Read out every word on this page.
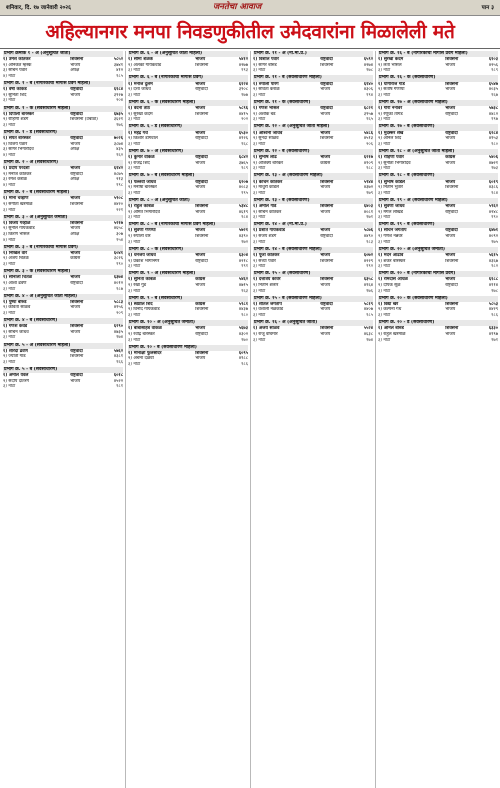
शनिवार, दि. १७ जानेवारी २०२६	जनतेचा आवाज	पान ३
अहिल्यानगर मनपा निवडणुकीतील उमेदवारांना मिळालेली मते
प्रभाग क्रमांक १ - अ (अनुसूचित जाती)
१) उमेश कोतकर	शिवसेना	५८५२
२) अनिकेत म्हस्के	भाजप	३७४१
३) सचिन पवार	अपक्ष	४१२
४) नोटा	१८५
प्रभाग क्र. १ - ब (नागरिकांचा मागास प्रवर्ग महिला)
१) वर्षा काकडे	राष्ट्रवादी	६१८४
२) सुनिता शिंदे	भाजप	३९२७
३) नोटा	२०४
प्रभाग क्र. १ - क (सर्वसाधारण महिला)
१) दिपाली बारस्कर	राष्ट्रवादी	६७३५
२) रोहिणी शेंडगे	शिवसेना (उबाठा)	३६२१
३) नोटा	१७६
प्रभाग क्र. १ - ड (सर्वसाधारण)
१) संपत बारस्कर	राष्ट्रवादी	७०२६
२) विजय पठारे	भाजप	३८७४
३) सागर भिंगारदिवे	अपक्ष	४३५
४) नोटा	१६२
प्रभाग क्र. २ - अ (सर्वसाधारण)
१) प्रदीप परदेशी	भाजप	६१४२
२) मनोज कोतकर	राष्ट्रवादी	४८७५
३) रमेश कराळे	अपक्ष	२१३
४) नोटा	१९८
प्रभाग क्र. २ - ब (सर्वसाधारण महिला)
१) मीना चव्हाण	भाजप	५९०८
२) संगीता खरमाळे	शिवसेना	४४२०
३) नोटा	२२१
प्रभाग क्र. ३ - अ (अनुसूचित जमाती)
१) विजय गव्हाळे	शिवसेना	५२१७
२) सुनील गायकवाड	भाजप	४६५८
३) किरण भोसले	अपक्ष	३०७
४) नोटा	१५४
प्रभाग क्र. ३ - ब (नागरिकांचा मागास प्रवर्ग)
१) निखिल वारे	भाजप	६०४१
२) अजय चितळे	काँग्रेस	३८२६
३) नोटा	१९०
प्रभाग क्र. ३ - क (सर्वसाधारण महिला)
१) सोनाली चितळे	भाजप	६३७४
२) आशा ढवण	राष्ट्रवादी	४०१२
३) नोटा	१८७
प्रभाग क्र. ४ - अ (अनुसूचित जाती महिला)
१) पुष्पा बोरुडे	शिवसेना	५८८३
२) कविता साळवे	भाजप	४१५६
३) नोटा	२०९
प्रभाग क्र. ४ - ब (सर्वसाधारण)
१) गणेश कवडे	शिवसेना	६२९०
२) सचिन जाधव	भाजप	४७३५
३) नोटा	१७४
प्रभाग क्र. ५ - अ (सर्वसाधारण महिला)
१) शारदा ढवण	राष्ट्रवादी	५७६२
२) ज्योती गाडे	शिवसेना	४३८१
३) नोटा	१६६
प्रभाग क्र. ५ - ब (सर्वसाधारण)
१) अमोल येवले	राष्ट्रवादी	६०१८
२) संदीप दातरंगे	भाजप	४५२२
३) नोटा	१८१
प्रभाग क्र. ६ - अ (अनुसूचित जाती महिला)
१) सीमा शेळके	भाजप	५४१२
२) अलका गायकवाड	शिवसेना	४२७७
३) नोटा	१९३
प्रभाग क्र. ६ - ब (नागरिकांचा मागास प्रवर्ग)
१) मनोज दुलम	भाजप	६१२४
२) दत्ता जाधव	राष्ट्रवादी	३९०८
३) नोटा	१७७
प्रभाग क्र. ६ - क (सर्वसाधारण महिला)
१) वंदना ताठे	भाजप	५८९६
२) सुरेखा कदम	शिवसेना	४४१५
३) नोटा	२०२
प्रभाग क्र. ६ - ड (सर्वसाधारण)
१) महेंद्र गंधे	भाजप	६५३०
२) किशोर डागवाले	राष्ट्रवादी	४१२६
३) नोटा	१६८
प्रभाग क्र. ७ - अ (सर्वसाधारण)
१) कुमार वाकळे	राष्ट्रवादी	६८४२
२) राजेंद्र शिंदे	भाजप	३७६५
३) नोटा	१८९
प्रभाग क्र. ७ - ब (सर्वसाधारण महिला)
१) पल्लवी जाधव	राष्ट्रवादी	६२०७
२) मनीषा बारस्कर	भाजप	४०८३
३) नोटा	१९५
प्रभाग क्र. ८ - अ (अनुसूचित जाती)
१) राहुल कांबळे	शिवसेना	५३४८
२) अमित भिंगारदिवे	भाजप	४६१९
३) नोटा	१८४
प्रभाग क्र. ८ - ब (नागरिकांचा मागास प्रवर्ग महिला)
१) सुवर्णा गेणप्पा	भाजप	५७२१
२) रुपाली वारे	शिवसेना	४३९०
३) नोटा	१७२
प्रभाग क्र. ८ - क (सर्वसाधारण)
१) धनंजय जाधव	भाजप	६३०४
२) प्रकाश भागानगरे	राष्ट्रवादी	४२१८
३) नोटा	१९१
प्रभाग क्र. ९ - अ (सर्वसाधारण महिला)
१) सुनिता कांबळे	काँग्रेस	५४६२
२) रेखा गुंड	भाजप	४७१५
३) नोटा	१६३
प्रभाग क्र. ९ - ब (सर्वसाधारण)
१) स्वप्नील शिंदे	काँग्रेस	५९८१
२) विनोद गायकवाड	शिवसेना	४४३७
३) नोटा	१८०
प्रभाग क्र. १० - अ (अनुसूचित जमाती)
१) बाबासाहेब वाकळे	भाजप	५६७३
२) रवींद्र बारस्कर	राष्ट्रवादी	४३०२
३) नोटा	१७०
प्रभाग क्र. १० - ब (सर्वसाधारण महिला)
१) मीनाक्षी फुलसौंदर	शिवसेना	६०९५
२) अर्चना दळवी	भाजप	४१८८
३) नोटा	१८६
प्रभाग क्र. ११ - अ (ना.मा.प्र.)
१) विशाल पवार	राष्ट्रवादी	६५९२
२) सागर बोरुडे	शिवसेना	४२७४
३) नोटा	१७८
प्रभाग क्र. ११ - ब (सर्वसाधारण महिला)
१) रुपाली पारगे	राष्ट्रवादी	६१४०
२) सविता कराळे	भाजप	४३०६
३) नोटा	१९४
प्रभाग क्र. ११ - क (सर्वसाधारण)
१) गणेश भोसले	राष्ट्रवादी	६८२१
२) अशोक बडे	भाजप	३९५७
३) नोटा	१६५
प्रभाग क्र. १२ - अ (अनुसूचित जाती महिला)
१) अश्विनी जाधव	भाजप	५४८६
२) सुनंदा साळवे	शिवसेना	४५१३
३) नोटा	२०६
प्रभाग क्र. १२ - ब (सर्वसाधारण)
१) सुभाष लोंढे	भाजप	६२१७
२) अजिंक्य बोरकर	काँग्रेस	४१०९
३) नोटा	१८८
प्रभाग क्र. १३ - अ (सर्वसाधारण महिला)
१) कांचन कोतकर	शिवसेना	५९४४
२) माधुरी कर्डिले	भाजप	४३७२
३) नोटा	१७९
प्रभाग क्र. १३ - ब (सर्वसाधारण)
१) अमोल गाडे	शिवसेना	६४०३
२) सचिन कोतकर	भाजप	४०८१
३) नोटा	१७१
प्रभाग क्र. १४ - अ (ना.मा.प्र.)
१) प्रशांत गायकवाड	भाजप	५८७६
२) संजय शेंडगे	राष्ट्रवादी	४४९०
३) नोटा	१८३
प्रभाग क्र. १४ - ब (सर्वसाधारण महिला)
१) पूजा कोतकर	भाजप	६०७२
२) संध्या पवार	शिवसेना	४२२९
३) नोटा	१९२
प्रभाग क्र. १५ - अ (सर्वसाधारण)
१) दत्तात्रय कावरे	शिवसेना	६३५८
२) नितीन शेलार	भाजप	४१६४
३) नोटा	१७६
प्रभाग क्र. १५ - ब (सर्वसाधारण महिला)
१) शीतल जगताप	राष्ट्रवादी	५८१९
२) वैशाली नळकांडे	भाजप	४४०७
३) नोटा	१८५
प्रभाग क्र. १६ - अ (अनुसूचित जाती)
१) अजय साळवे	शिवसेना	५५२४
२) राजू वाघमारे	भाजप	४६३८
३) नोटा	१७४
प्रभाग क्र. १६ - ब (नागरिकांचा मागास प्रवर्ग महिला)
१) सुरेखा कदम	शिवसेना	६१०३
२) लता भोसले	भाजप	४२५६
३) नोटा	१८९
प्रभाग क्र. १६ - क (सर्वसाधारण)
१) योगीराज गाडे	शिवसेना	६५४७
२) संतोष गेणप्पा	भाजप	४०३५
३) नोटा	१६७
प्रभाग क्र. १७ - अ (सर्वसाधारण महिला)
१) गौरी ननावरे	भाजप	५७३८
२) रेणुका तागड	राष्ट्रवादी	४४८२
३) नोटा	१९७
प्रभाग क्र. १७ - ब (सर्वसाधारण)
१) मुदस्सर शेख	राष्ट्रवादी	६२८४
२) अनिल शिंदे	भाजप	४१५३
३) नोटा	१८०
प्रभाग क्र. १८ - अ (अनुसूचित जाती महिला)
१) रोहिणी पवार	काँग्रेस	५४०६
२) सुनीता भिंगारदिवे	भाजप	४७२१
३) नोटा	१७३
प्रभाग क्र. १८ - ब (सर्वसाधारण)
१) सुभाष कर्डिले	भाजप	६०१९
२) नितीन भुतारे	शिवसेना	४३८६
३) नोटा	१८४
प्रभाग क्र. १९ - अ (सर्वसाधारण महिला)
१) सुवर्णा जाधव	भाजप	५९६२
२) मंगल लोखंडे	राष्ट्रवादी	४२४८
३) नोटा	१९०
प्रभाग क्र. १९ - ब (सर्वसाधारण)
१) सचिन जगताप	राष्ट्रवादी	६४७१
२) गणेश नन्नवरे	भाजप	४०९२
३) नोटा	१७५
प्रभाग क्र. २० - अ (अनुसूचित जमाती)
१) मदन आढाव	भाजप	५६१५
२) शंकर बारस्कर	शिवसेना	४३६७
३) नोटा	१८२
प्रभाग क्र. २० - ब (नागरिकांचा मागास प्रवर्ग)
१) रामदास आंधळे	भाजप	६१८८
२) दीपक सूळ	राष्ट्रवादी	४११४
३) नोटा	१७८
प्रभाग क्र. २० - क (सर्वसाधारण महिला)
१) विद्या खैरे	शिवसेना	५८५३
२) कल्पना गंधे	भाजप	४४२९
३) नोटा	१८६
प्रभाग क्र. २० - ड (सर्वसाधारण)
१) अनिल बोरुडे	शिवसेना	६३३०
२) राहुल खरमाळे	भाजप	४१९७
३) नोटा	१७१
